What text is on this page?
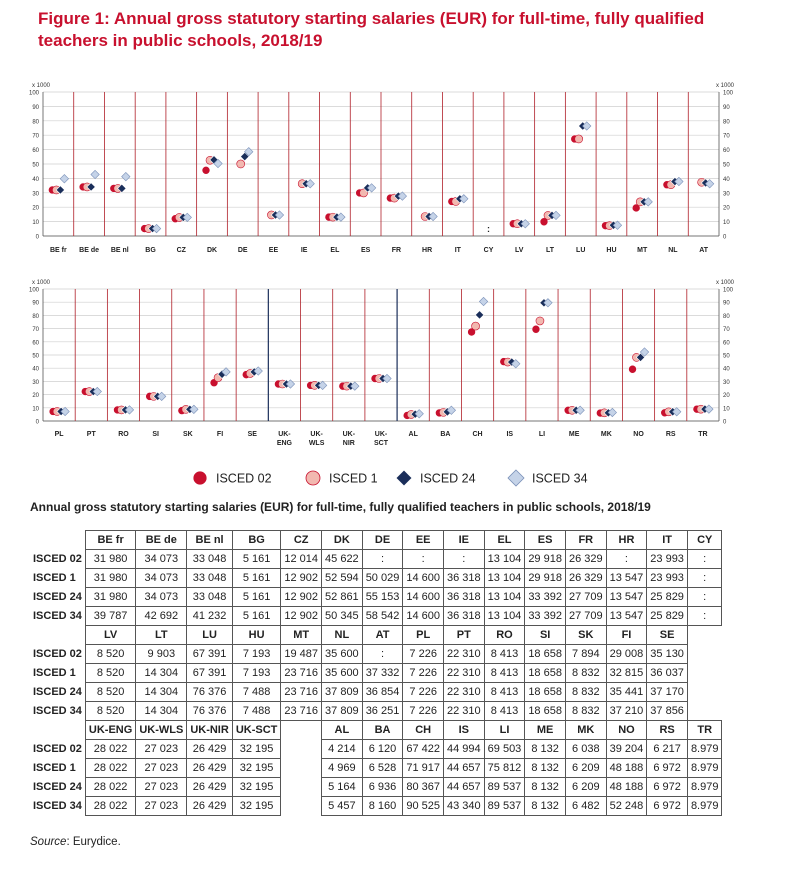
Figure 1: Annual gross statutory starting salaries (EUR) for full-time, fully qualified teachers in public schools, 2018/19
0	0
10	10
20	20
30	30
40	40
50	50
60	60
70	70
80	80
90	90
100	100
x 1000	x 1000
BE fr BE de BE nl BG	CZ	DK	DE	EE	IE	EL	ES	FR	HR	IT	CY	LV	LT	LU	HU	MT	NL	AT
:
0	0
10	10
20	20
30	30
40	40
50	50
60	60
70	70
80	80
90	90
100	100
x 1000	x 1000
PL	PT	RO	SI	SK	FI	SE	UK-
ENG
UK-
WLS
UK-
NIR
UK-
SCT
AL	BA	CH	IS	LI	ME	MK	NO	RS	TR
ISCED 02	ISCED 1	ISCED 24	ISCED 34
Annual gross statutory starting salaries (EUR) for full-time, fully qualified teachers in public schools, 2018/19
	BE fr	BE de	BE nl	BG	CZ	DK	DE	EE	IE	EL	ES	FR	HR	IT	CY
ISCED 02	31 980	34 073	33 048	5 161	12 014	45 622	:	:	:	13 104	29 918	26 329	:	23 993	:
ISCED 1	31 980	34 073	33 048	5 161	12 902	52 594	50 029	14 600	36 318	13 104	29 918	26 329	13 547	23 993	:
ISCED 24	31 980	34 073	33 048	5 161	12 902	52 861	55 153	14 600	36 318	13 104	33 392	27 709	13 547	25 829	:
ISCED 34	39 787	42 692	41 232	5 161	12 902	50 345	58 542	14 600	36 318	13 104	33 392	27 709	13 547	25 829	:
	LV	LT	LU	HU	MT	NL	AT	PL	PT	RO	SI	SK	FI	SE	
ISCED 02	8 520	9 903	67 391	7 193	19 487	35 600	:	7 226	22 310	8 413	18 658	7 894	29 008	35 130	
ISCED 1	8 520	14 304	67 391	7 193	23 716	35 600	37 332	7 226	22 310	8 413	18 658	8 832	32 815	36 037	
ISCED 24	8 520	14 304	76 376	7 488	23 716	37 809	36 854	7 226	22 310	8 413	18 658	8 832	35 441	37 170	
ISCED 34	8 520	14 304	76 376	7 488	23 716	37 809	36 251	7 226	22 310	8 413	18 658	8 832	37 210	37 856	
	UK-ENG	UK-WLS	UK-NIR	UK-SCT		AL	BA	CH	IS	LI	ME	MK	NO	RS	TR
ISCED 02	28 022	27 023	26 429	32 195		4 214	6 120	67 422	44 994	69 503	8 132	6 038	39 204	6 217	8.979
ISCED 1	28 022	27 023	26 429	32 195		4 969	6 528	71 917	44 657	75 812	8 132	6 209	48 188	6 972	8.979
ISCED 24	28 022	27 023	26 429	32 195		5 164	6 936	80 367	44 657	89 537	8 132	6 209	48 188	6 972	8.979
ISCED 34	28 022	27 023	26 429	32 195		5 457	8 160	90 525	43 340	89 537	8 132	6 482	52 248	6 972	8.979
Source: Eurydice.
